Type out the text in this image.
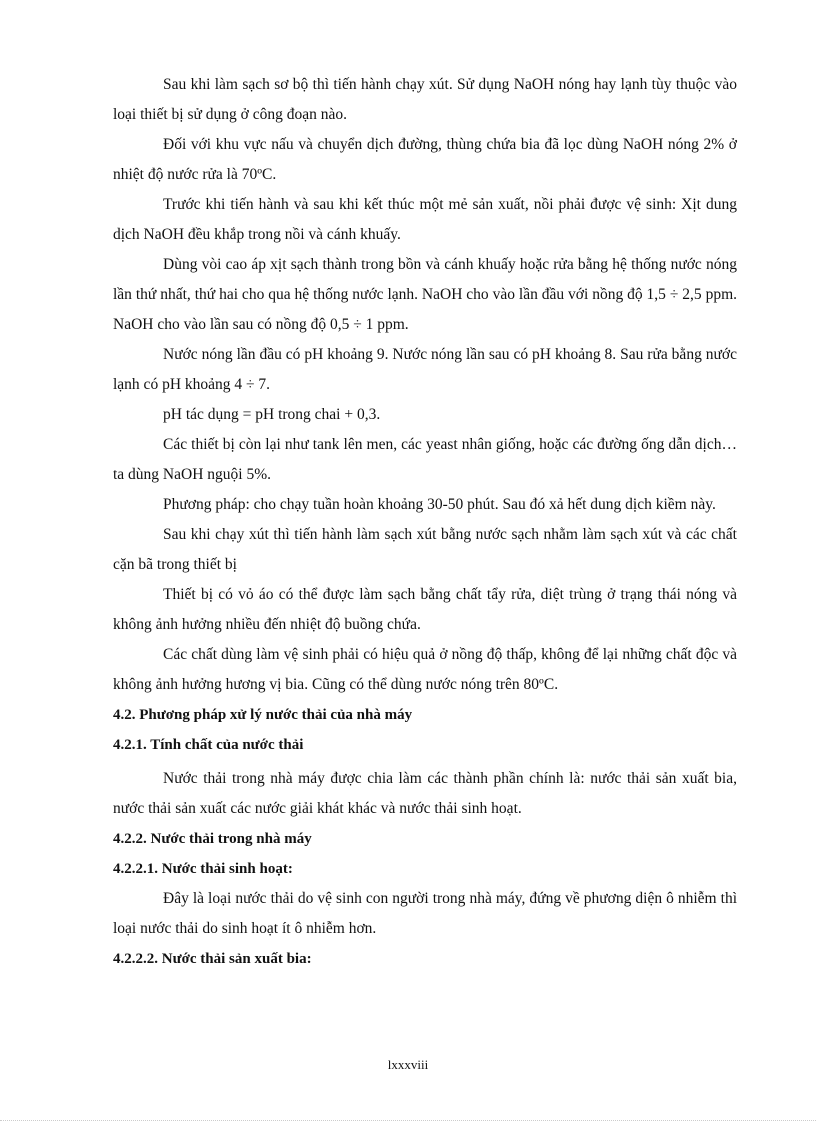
Sau khi làm sạch sơ bộ thì tiến hành chạy xút. Sử dụng NaOH nóng hay lạnh tùy thuộc vào loại thiết bị sử dụng ở công đoạn nào.

Đối với khu vực nấu và chuyển dịch đường, thùng chứa bia đã lọc dùng NaOH nóng 2% ở nhiệt độ nước rửa là 70ºC.

Trước khi tiến hành và sau khi kết thúc một mẻ sản xuất, nồi phải được vệ sinh: Xịt dung dịch NaOH đều khắp trong nồi và cánh khuấy.

Dùng vòi cao áp xịt sạch thành trong bồn và cánh khuấy hoặc rửa bằng hệ thống nước nóng lần thứ nhất, thứ hai cho qua hệ thống nước lạnh. NaOH cho vào lần đầu với nồng độ 1,5 ÷ 2,5 ppm. NaOH cho vào lần sau có nồng độ 0,5 ÷ 1 ppm.

Nước nóng lần đầu có pH khoảng 9. Nước nóng lần sau có pH khoảng 8. Sau rửa bằng nước lạnh có pH khoảng 4 ÷ 7.

pH tác dụng = pH trong chai + 0,3.

Các thiết bị còn lại như tank lên men, các yeast nhân giống, hoặc các đường ống dẫn dịch… ta dùng NaOH nguội 5%.

Phương pháp: cho chạy tuần hoàn khoảng 30-50 phút. Sau đó xả hết dung dịch kiềm này.

Sau khi chạy xút thì tiến hành làm sạch xút bằng nước sạch nhằm làm sạch xút và các chất cặn bã trong thiết bị

Thiết bị có vỏ áo có thể được làm sạch bằng chất tẩy rửa, diệt trùng ở trạng thái nóng và không ảnh hưởng nhiều đến nhiệt độ buồng chứa.

Các chất dùng làm vệ sinh phải có hiệu quả ở nồng độ thấp, không để lại những chất độc và không ảnh hưởng hương vị bia. Cũng có thể dùng nước nóng trên 80ºC.

4.2. Phương pháp xử lý nước thải của nhà máy
4.2.1. Tính chất của nước thải

Nước thải trong nhà máy được chia làm các thành phần chính là: nước thải sản xuất bia, nước thải sản xuất các nước giải khát khác và nước thải sinh hoạt.

4.2.2. Nước thải trong nhà máy
4.2.2.1. Nước thải sinh hoạt:

Đây là loại nước thải do vệ sinh con người trong nhà máy, đứng về phương diện ô nhiễm thì loại nước thải do sinh hoạt ít ô nhiễm hơn.

4.2.2.2. Nước thải sản xuất bia:
lxxxviii
